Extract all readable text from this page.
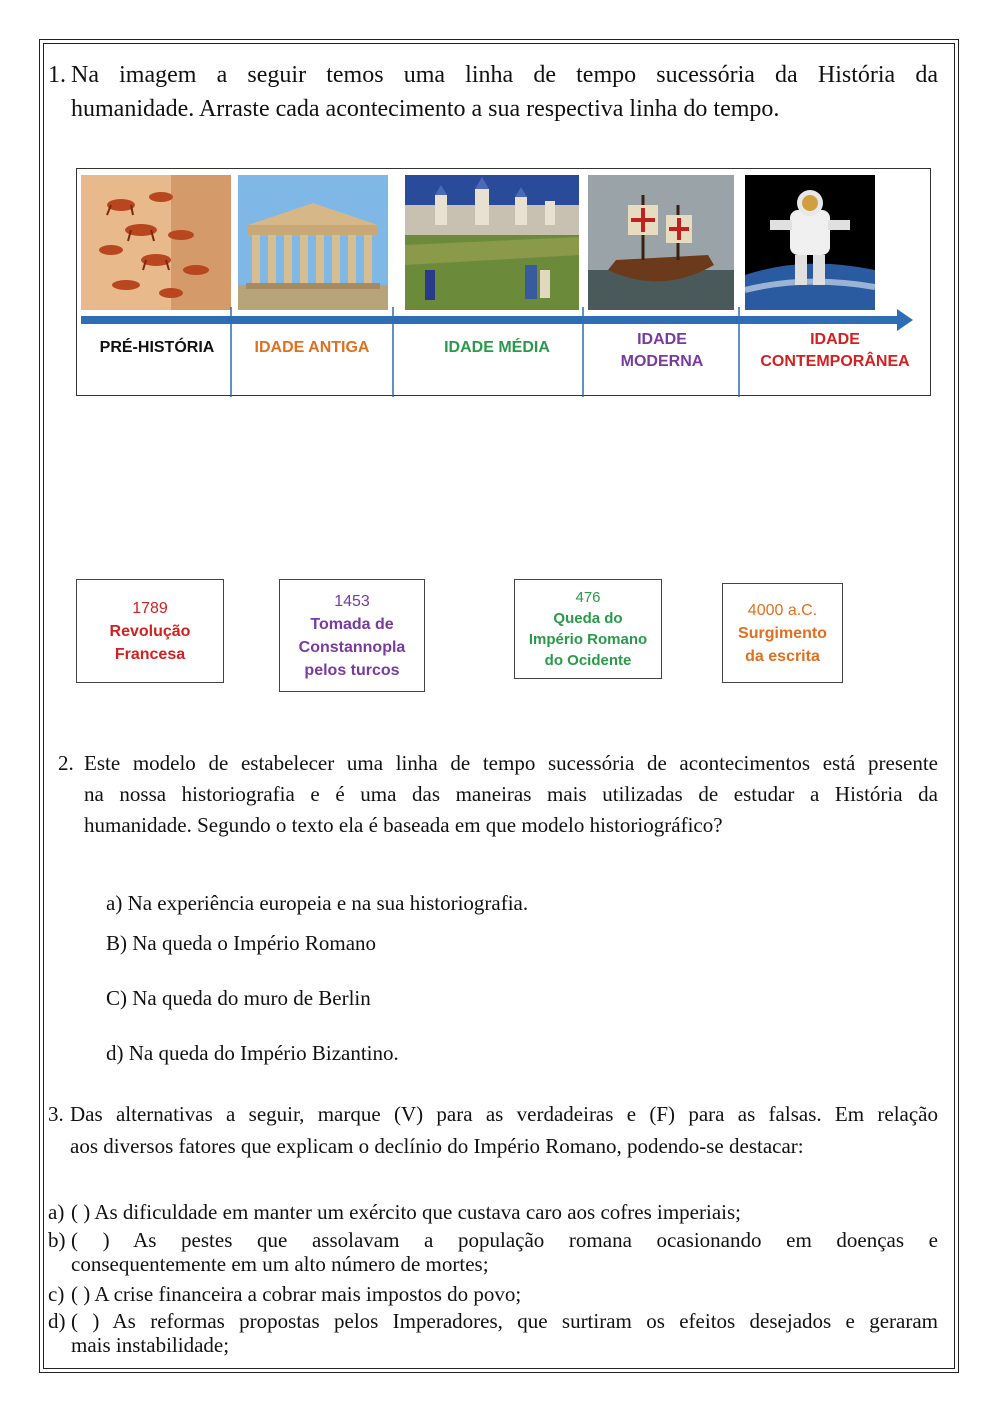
1. Na imagem a seguir temos uma linha de tempo sucessória da História da
humanidade. Arraste cada acontecimento a sua respectiva linha do tempo.
PRÉ-HISTÓRIA	IDADE ANTIGA	IDADE MÉDIA	IDADE
MODERNA
IDADE
CONTEMPORÂNEA
1789
Revolução
Francesa
1453
Tomada de
Constannopla
pelos turcos
476
Queda do
Império Romano
do Ocidente
4000 a.C.
Surgimento
da escrita
2. Este modelo de estabelecer uma linha de tempo sucessória de acontecimentos está presente
na nossa historiografia e é uma das maneiras mais utilizadas de estudar a História da
humanidade. Segundo o texto ela é baseada em que modelo historiográfico?
a) Na experiência europeia e na sua historiografia.
B) Na queda o Império Romano
C) Na queda do muro de Berlin
d) Na queda do Império Bizantino.
3. Das alternativas a seguir, marque (V) para as verdadeiras e (F) para as falsas. Em relação
aos diversos fatores que explicam o declínio do Império Romano, podendo-se destacar:
a) ( ) As dificuldade em manter um exército que custava caro aos cofres imperiais;
b) ( ) As pestes que assolavam a população romana ocasionando em doenças e
consequentemente em um alto número de mortes;
c) ( ) A crise financeira a cobrar mais impostos do povo;
d) ( ) As reformas propostas pelos Imperadores, que surtiram os efeitos desejados e geraram
mais instabilidade;
